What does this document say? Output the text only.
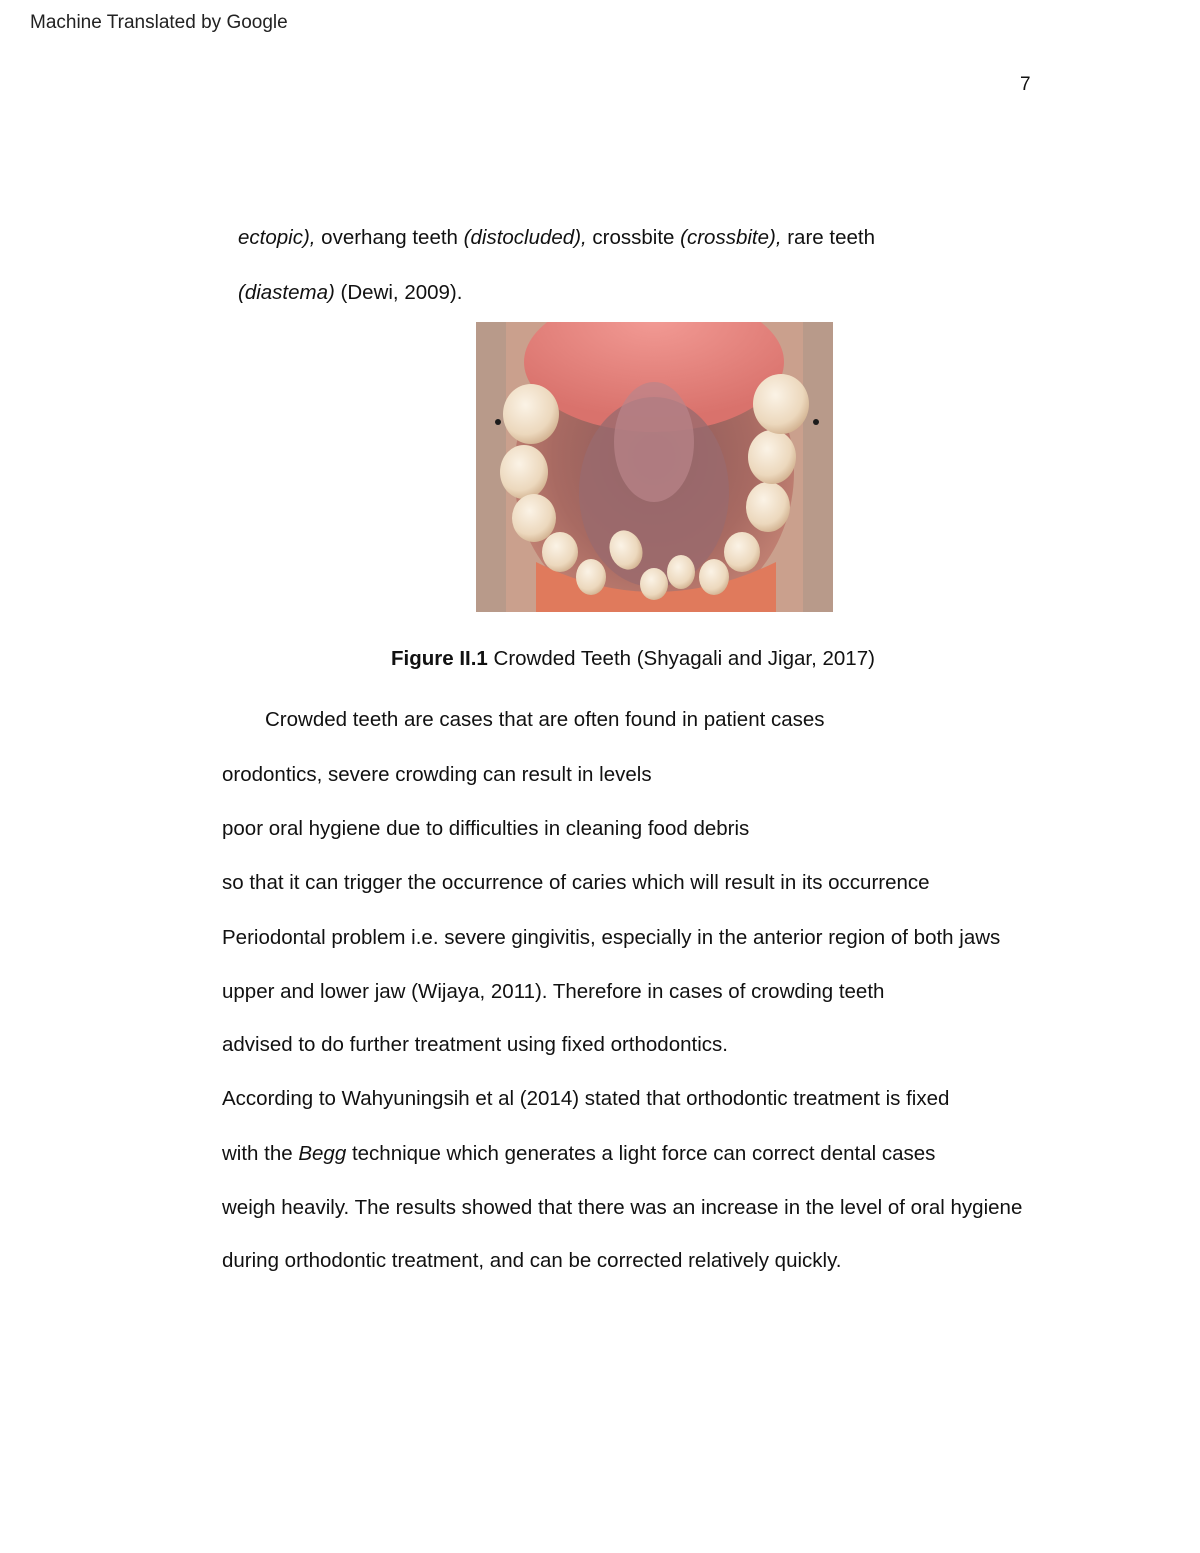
Machine Translated by Google
7
ectopic), overhang teeth (distocluded), crossbite (crossbite), rare teeth
(diastema) (Dewi, 2009).
Figure II.1 Crowded Teeth (Shyagali and Jigar, 2017)
Crowded teeth are cases that are often found in patient cases
orodontics, severe crowding can result in levels
poor oral hygiene due to difficulties in cleaning food debris
so that it can trigger the occurrence of caries which will result in its occurrence
Periodontal problem i.e. severe gingivitis, especially in the anterior region of both jaws
upper and lower jaw (Wijaya, 2011). Therefore in cases of crowding teeth
advised to do further treatment using fixed orthodontics.
According to Wahyuningsih et al (2014) stated that orthodontic treatment is fixed
with the Begg technique which generates a light force can correct dental cases
weigh heavily. The results showed that there was an increase in the level of oral hygiene
during orthodontic treatment, and can be corrected relatively quickly.
